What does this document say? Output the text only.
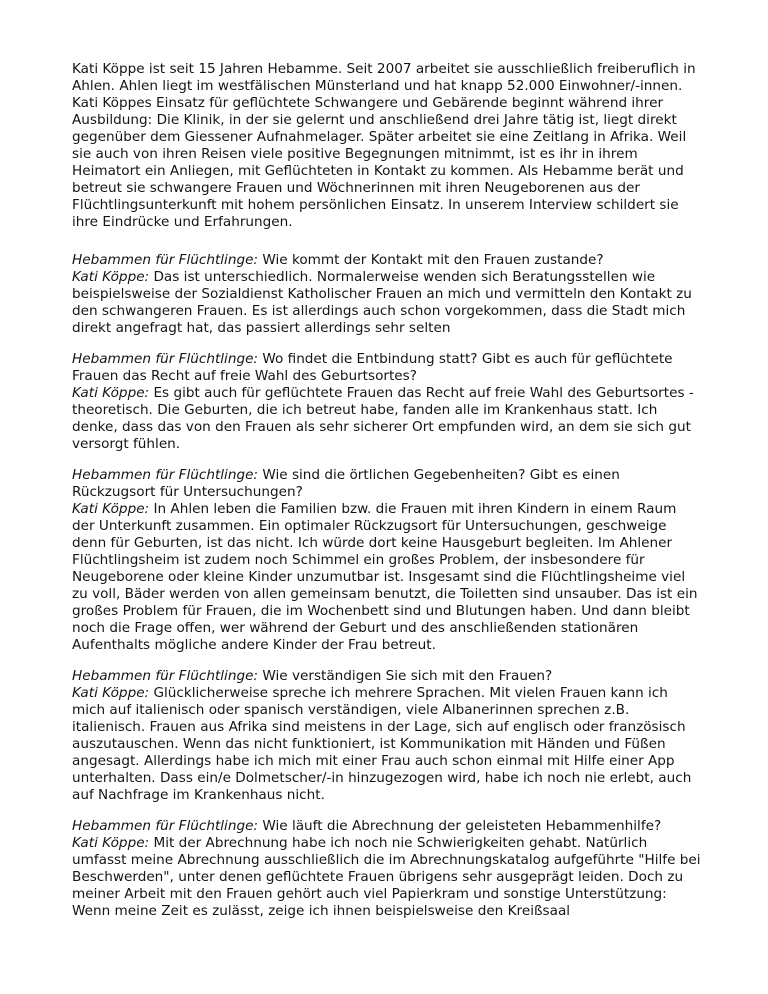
Kati Köppe ist seit 15 Jahren Hebamme. Seit 2007 arbeitet sie ausschließlich freiberuflich in Ahlen. Ahlen liegt im westfälischen Münsterland und hat knapp 52.000 Einwohner/-innen. Kati Köppes Einsatz für geflüchtete Schwangere und Gebärende beginnt während ihrer Ausbildung: Die Klinik, in der sie gelernt und anschließend drei Jahre tätig ist, liegt direkt gegenüber dem Giessener Aufnahmelager. Später arbeitet sie eine Zeitlang in Afrika. Weil sie auch von ihren Reisen viele positive Begegnungen mitnimmt, ist es ihr in ihrem Heimatort ein Anliegen, mit Geflüchteten in Kontakt zu kommen. Als Hebamme berät und betreut sie schwangere Frauen und Wöchnerinnen mit ihren Neugeborenen aus der Flüchtlingsunterkunft mit hohem persönlichen Einsatz. In unserem Interview schildert sie ihre Eindrücke und Erfahrungen.

Hebammen für Flüchtlinge: Wie kommt der Kontakt mit den Frauen zustande?
Kati Köppe: Das ist unterschiedlich. Normalerweise wenden sich Beratungsstellen wie beispielsweise der Sozialdienst Katholischer Frauen an mich und vermitteln den Kontakt zu den schwangeren Frauen. Es ist allerdings auch schon vorgekommen, dass die Stadt mich direkt angefragt hat, das passiert allerdings sehr selten

Hebammen für Flüchtlinge: Wo findet die Entbindung statt? Gibt es auch für geflüchtete Frauen das Recht auf freie Wahl des Geburtsortes?
Kati Köppe: Es gibt auch für geflüchtete Frauen das Recht auf freie Wahl des Geburtsortes - theoretisch. Die Geburten, die ich betreut habe, fanden alle im Krankenhaus statt. Ich denke, dass das von den Frauen als sehr sicherer Ort empfunden wird, an dem sie sich gut versorgt fühlen.

Hebammen für Flüchtlinge: Wie sind die örtlichen Gegebenheiten? Gibt es einen Rückzugsort für Untersuchungen?
Kati Köppe: In Ahlen leben die Familien bzw. die Frauen mit ihren Kindern in einem Raum der Unterkunft zusammen. Ein optimaler Rückzugsort für Untersuchungen, geschweige denn für Geburten, ist das nicht. Ich würde dort keine Hausgeburt begleiten. Im Ahlener Flüchtlingsheim ist zudem noch Schimmel ein großes Problem, der insbesondere für Neugeborene oder kleine Kinder unzumutbar ist. Insgesamt sind die Flüchtlingsheime viel zu voll, Bäder werden von allen gemeinsam benutzt, die Toiletten sind unsauber. Das ist ein großes Problem für Frauen, die im Wochenbett sind und Blutungen haben. Und dann bleibt noch die Frage offen, wer während der Geburt und des anschließenden stationären Aufenthalts mögliche andere Kinder der Frau betreut.

Hebammen für Flüchtlinge: Wie verständigen Sie sich mit den Frauen?
Kati Köppe: Glücklicherweise spreche ich mehrere Sprachen. Mit vielen Frauen kann ich mich auf italienisch oder spanisch verständigen, viele Albanerinnen sprechen z.B. italienisch. Frauen aus Afrika sind meistens in der Lage, sich auf englisch oder französisch auszutauschen. Wenn das nicht funktioniert, ist Kommunikation mit Händen und Füßen angesagt. Allerdings habe ich mich mit einer Frau auch schon einmal mit Hilfe einer App unterhalten. Dass ein/e Dolmetscher/-in hinzugezogen wird, habe ich noch nie erlebt, auch auf Nachfrage im Krankenhaus nicht.

Hebammen für Flüchtlinge: Wie läuft die Abrechnung der geleisteten Hebammenhilfe?
Kati Köppe: Mit der Abrechnung habe ich noch nie Schwierigkeiten gehabt. Natürlich umfasst meine Abrechnung ausschließlich die im Abrechnungskatalog aufgeführte "Hilfe bei Beschwerden", unter denen geflüchtete Frauen übrigens sehr ausgeprägt leiden. Doch zu meiner Arbeit mit den Frauen gehört auch viel Papierkram und sonstige Unterstützung: Wenn meine Zeit es zulässt, zeige ich ihnen beispielsweise den Kreißsaal
